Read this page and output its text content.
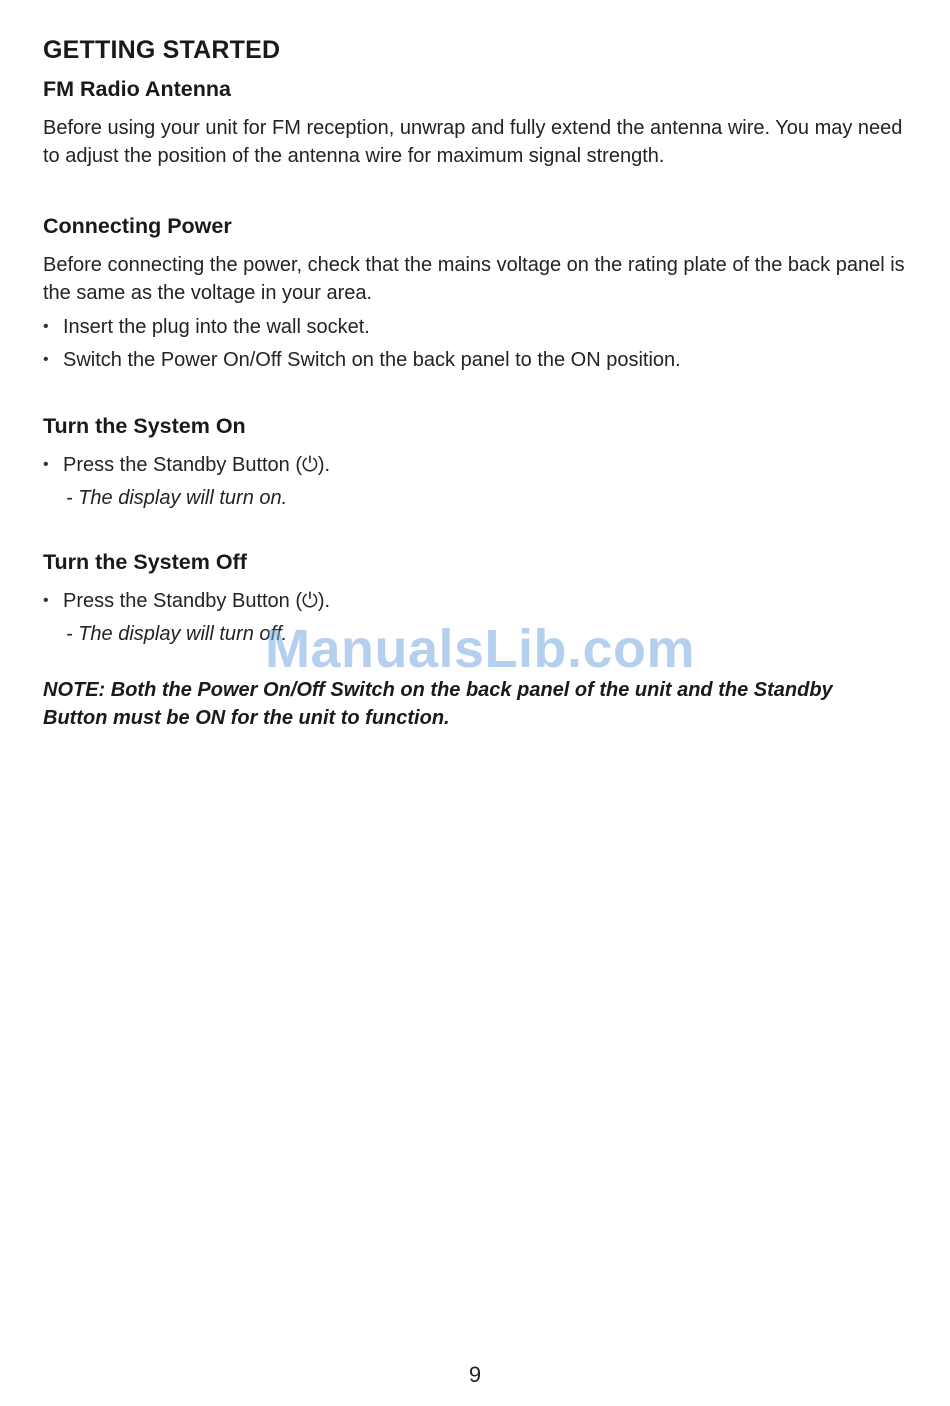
GETTING STARTED
FM Radio Antenna

Before using your unit for FM reception, unwrap and fully extend the antenna wire. You may need to adjust the position of the antenna wire for maximum signal strength.

Connecting Power

Before connecting the power, check that the mains voltage on the rating plate of the back panel is the same as the voltage in your area.

• Insert the plug into the wall socket.
• Switch the Power On/Off Switch on the back panel to the ON position.
Turn the System On
• Press the Standby Button (⏻).

- The display will turn on.

Turn the System Off
• Press the Standby Button (⏻).

- The display will turn off.

NOTE: Both the Power On/Off Switch on the back panel of the unit and the Standby Button must be ON for the unit to function.

ManualsLib.com
9
